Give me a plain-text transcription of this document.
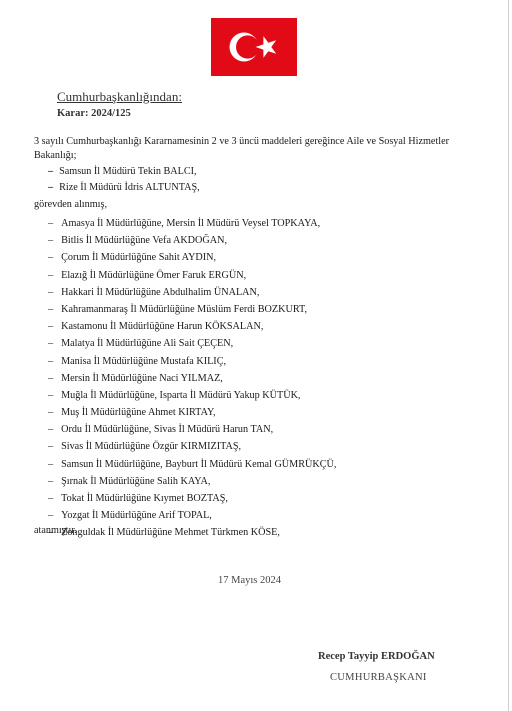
Cumhurbaşkanlığından:
Karar: 2024/125
3 sayılı Cumhurbaşkanlığı Kararnamesinin 2 ve 3 üncü maddeleri gereğince Aile ve Sosyal Hizmetler Bakanlığı;
– Samsun İl Müdürü Tekin BALCI,
– Rize İl Müdürü İdris ALTUNTAŞ,
görevden alınmış,
– Amasya İl Müdürlüğüne, Mersin İl Müdürü Veysel TOPKAYA,
– Bitlis İl Müdürlüğüne Vefa AKDOĞAN,
– Çorum İl Müdürlüğüne Sahit AYDIN,
– Elazığ İl Müdürlüğüne Ömer Faruk ERGÜN,
– Hakkari İl Müdürlüğüne Abdulhalim ÜNALAN,
– Kahramanmaraş İl Müdürlüğüne Müslüm Ferdi BOZKURT,
– Kastamonu İl Müdürlüğüne Harun KÖKSALAN,
– Malatya İl Müdürlüğüne Ali Sait ÇEÇEN,
– Manisa İl Müdürlüğüne Mustafa KILIÇ,
– Mersin İl Müdürlüğüne Naci YILMAZ,
– Muğla İl Müdürlüğüne, Isparta İl Müdürü Yakup KÜTÜK,
– Muş İl Müdürlüğüne Ahmet KIRTAY,
– Ordu İl Müdürlüğüne, Sivas İl Müdürü Harun TAN,
– Sivas İl Müdürlüğüne Özgür KIRMIZITAŞ,
– Samsun İl Müdürlüğüne, Bayburt İl Müdürü Kemal GÜMRÜKÇÜ,
– Şırnak İl Müdürlüğüne Salih KAYA,
– Tokat İl Müdürlüğüne Kıymet BOZTAŞ,
– Yozgat İl Müdürlüğüne Arif TOPAL,
– Zonguldak İl Müdürlüğüne Mehmet Türkmen KÖSE,
atanmıştır.
17 Mayıs 2024
Recep Tayyip ERDOĞAN
CUMHURBAŞKANI
